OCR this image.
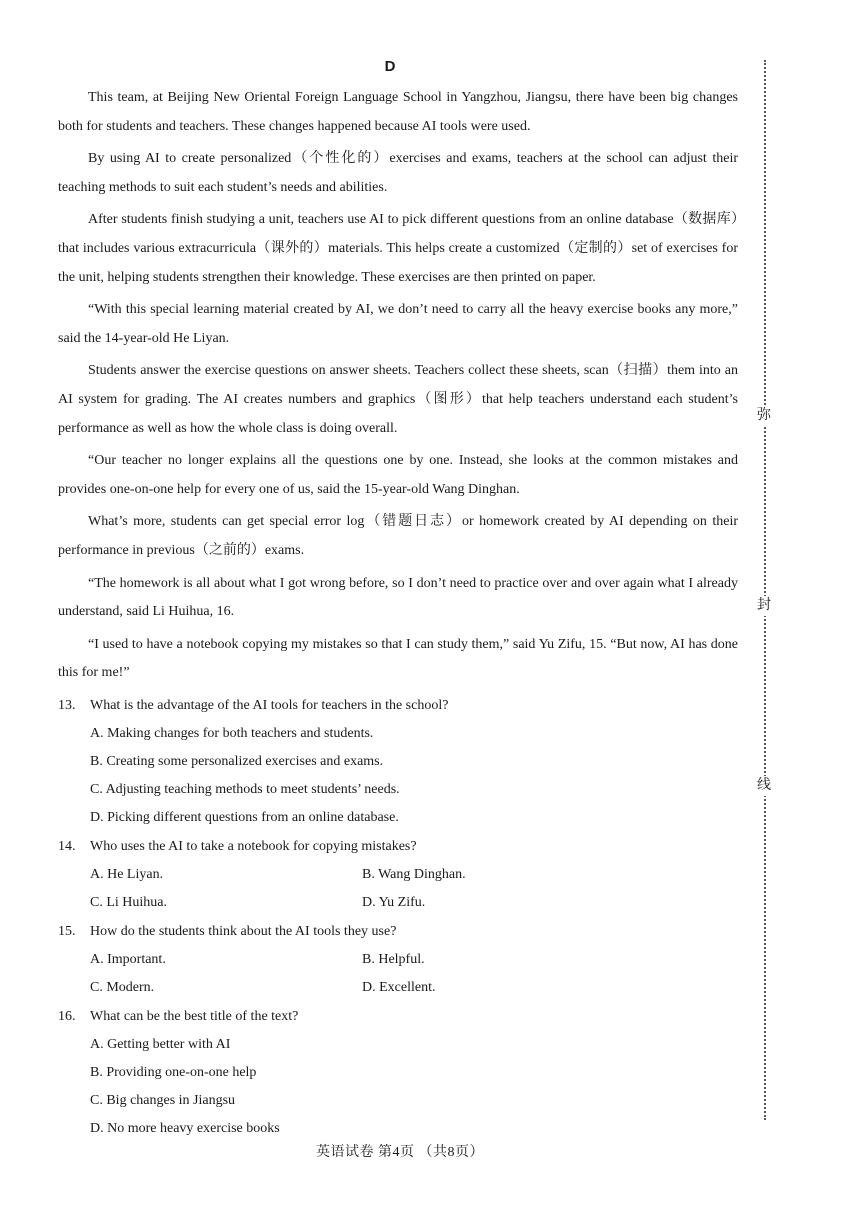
D

This team, at Beijing New Oriental Foreign Language School in Yangzhou, Jiangsu, there have been big changes both for students and teachers. These changes happened because AI tools were used.

By using AI to create personalized（个性化的）exercises and exams, teachers at the school can adjust their teaching methods to suit each student’s needs and abilities.

After students finish studying a unit, teachers use AI to pick different questions from an online database（数据库）that includes various extracurricula（课外的）materials. This helps create a customized（定制的）set of exercises for the unit, helping students strengthen their knowledge. These exercises are then printed on paper.

“With this special learning material created by AI, we don’t need to carry all the heavy exercise books any more,” said the 14-year-old He Liyan.

Students answer the exercise questions on answer sheets. Teachers collect these sheets, scan（扫描）them into an AI system for grading. The AI creates numbers and graphics（图形）that help teachers understand each student’s performance as well as how the whole class is doing overall.

“Our teacher no longer explains all the questions one by one. Instead, she looks at the common mistakes and provides one-on-one help for every one of us, said the 15-year-old Wang Dinghan.

What’s more, students can get special error log（错题日志）or homework created by AI depending on their performance in previous（之前的）exams.

“The homework is all about what I got wrong before, so I don’t need to practice over and over again what I already understand, said Li Huihua, 16.

“I used to have a notebook copying my mistakes so that I can study them,” said Yu Zifu, 15. “But now, AI has done this for me!”

13. What is the advantage of the AI tools for teachers in the school?
A. Making changes for both teachers and students.
B. Creating some personalized exercises and exams.
C. Adjusting teaching methods to meet students’ needs.
D. Picking different questions from an online database.
14. Who uses the AI to take a notebook for copying mistakes?
A. He Liyan.	B. Wang Dinghan.
C. Li Huihua.	D. Yu Zifu.
15. How do the students think about the AI tools they use?
A. Important.	B. Helpful.
C. Modern.	D. Excellent.
16. What can be the best title of the text?
A. Getting better with AI
B. Providing one-on-one help
C. Big changes in Jiangsu
D. No more heavy exercise books
英语试卷 第4页 （共8页）
弥
封
线
